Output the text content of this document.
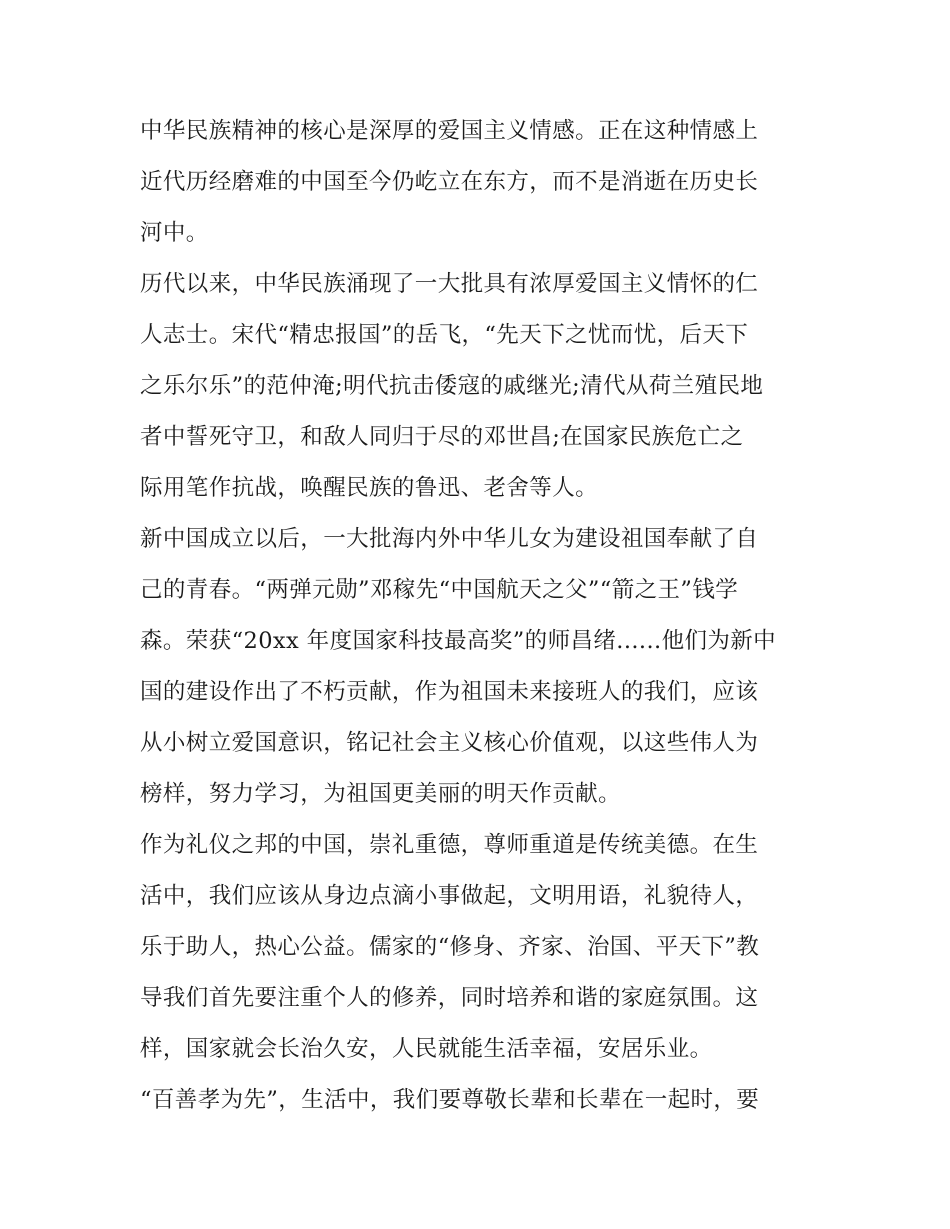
中华民族精神的核心是深厚的爱国主义情感。正在这种情感上
近代历经磨难的中国至今仍屹立在东方，而不是消逝在历史长
河中。
历代以来，中华民族涌现了一大批具有浓厚爱国主义情怀的仁
人志士。宋代“精忠报国”的岳飞，“先天下之忧而忧，后天下
之乐尔乐”的范仲淹;明代抗击倭寇的戚继光;清代从荷兰殖民地
者中誓死守卫，和敌人同归于尽的邓世昌;在国家民族危亡之
际用笔作抗战，唤醒民族的鲁迅、老舍等人。
新中国成立以后，一大批海内外中华儿女为建设祖国奉献了自
己的青春。“两弹元勋”邓稼先“中国航天之父”“箭之王”钱学
森。荣获“20xx 年度国家科技最高奖”的师昌绪......他们为新中
国的建设作出了不朽贡献，作为祖国未来接班人的我们，应该
从小树立爱国意识，铭记社会主义核心价值观，以这些伟人为
榜样，努力学习，为祖国更美丽的明天作贡献。
作为礼仪之邦的中国，崇礼重德，尊师重道是传统美德。在生
活中，我们应该从身边点滴小事做起，文明用语，礼貌待人，
乐于助人，热心公益。儒家的“修身、齐家、治国、平天下”教
导我们首先要注重个人的修养，同时培养和谐的家庭氛围。这
样，国家就会长治久安，人民就能生活幸福，安居乐业。
“百善孝为先”，生活中，我们要尊敬长辈和长辈在一起时，要
